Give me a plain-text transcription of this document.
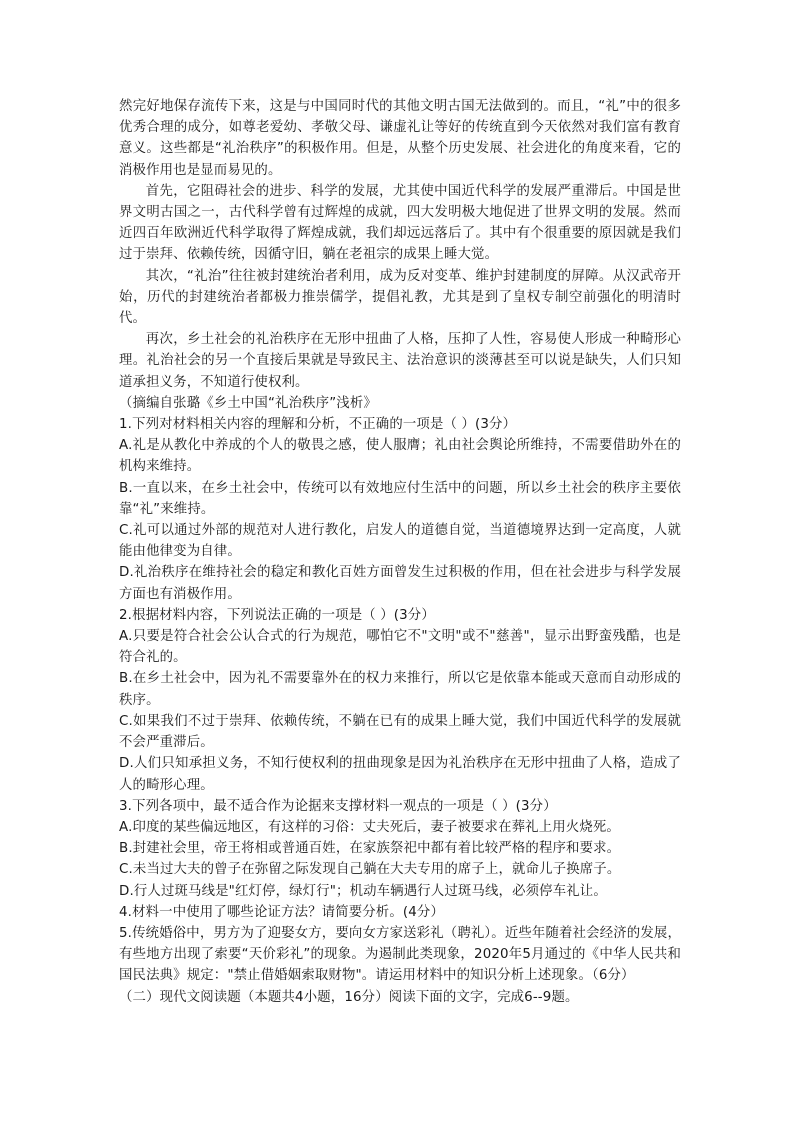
然完好地保存流传下来，这是与中国同时代的其他文明古国无法做到的。而且，“礼”中的很多优秀合理的成分，如尊老爱幼、孝敬父母、谦虚礼让等好的传统直到今天依然对我们富有教育意义。这些都是“礼治秩序”的积极作用。但是，从整个历史发展、社会进化的角度来看，它的消极作用也是显而易见的。

首先，它阻碍社会的进步、科学的发展，尤其使中国近代科学的发展严重滞后。中国是世界文明古国之一，古代科学曾有过辉煌的成就，四大发明极大地促进了世界文明的发展。然而近四百年欧洲近代科学取得了辉煌成就，我们却远远落后了。其中有个很重要的原因就是我们过于崇拜、依赖传统，因循守旧，躺在老祖宗的成果上睡大觉。

其次，“礼治”往往被封建统治者利用，成为反对变革、维护封建制度的屏障。从汉武帝开始，历代的封建统治者都极力推崇儒学，提倡礼教，尤其是到了皇权专制空前强化的明清时代。

再次，乡土社会的礼治秩序在无形中扭曲了人格，压抑了人性，容易使人形成一种畸形心理。礼治社会的另一个直接后果就是导致民主、法治意识的淡薄甚至可以说是缺失，人们只知道承担义务，不知道行使权利。

（摘编自张璐《乡土中国“礼治秩序”浅析》

1.下列对材料相关内容的理解和分析，不正确的一项是（ ）(3分）

A.礼是从教化中养成的个人的敬畏之感，使人服膺；礼由社会舆论所维持，不需要借助外在的机构来维持。

B.一直以来，在乡土社会中，传统可以有效地应付生活中的问题，所以乡土社会的秩序主要依靠“礼”来维持。

C.礼可以通过外部的规范对人进行教化，启发人的道德自觉，当道德境界达到一定高度，人就能由他律变为自律。

D.礼治秩序在维持社会的稳定和教化百姓方面曾发生过积极的作用，但在社会进步与科学发展方面也有消极作用。

2.根据材料内容，下列说法正确的一项是（ ）(3分）

A.只要是符合社会公认合式的行为规范，哪怕它不"文明"或不"慈善"，显示出野蛮残酷，也是符合礼的。

B.在乡土社会中，因为礼不需要靠外在的权力来推行，所以它是依靠本能或天意而自动形成的秩序。

C.如果我们不过于崇拜、依赖传统，不躺在已有的成果上睡大觉，我们中国近代科学的发展就不会严重滞后。

D.人们只知承担义务，不知行使权利的扭曲现象是因为礼治秩序在无形中扭曲了人格，造成了人的畸形心理。

3.下列各项中，最不适合作为论据来支撑材料一观点的一项是（ ）(3分）

A.印度的某些偏远地区，有这样的习俗：丈夫死后，妻子被要求在葬礼上用火烧死。

B.封建社会里，帝王将相或普通百姓，在家族祭祀中都有着比较严格的程序和要求。

C.未当过大夫的曾子在弥留之际发现自己躺在大夫专用的席子上，就命儿子换席子。

D.行人过斑马线是"红灯停，绿灯行"；机动车辆遇行人过斑马线，必须停车礼让。

4.材料一中使用了哪些论证方法？请简要分析。(4分）

5.传统婚俗中，男方为了迎娶女方，要向女方家送彩礼（聘礼）。近些年随着社会经济的发展，有些地方出现了索要“天价彩礼”的现象。为遏制此类现象，2020年5月通过的《中华人民共和国民法典》规定："禁止借婚姻索取财物"。请运用材料中的知识分析上述现象。（6分）

（二）现代文阅读题（本题共4小题，16分）阅读下面的文字，完成6--9题。
